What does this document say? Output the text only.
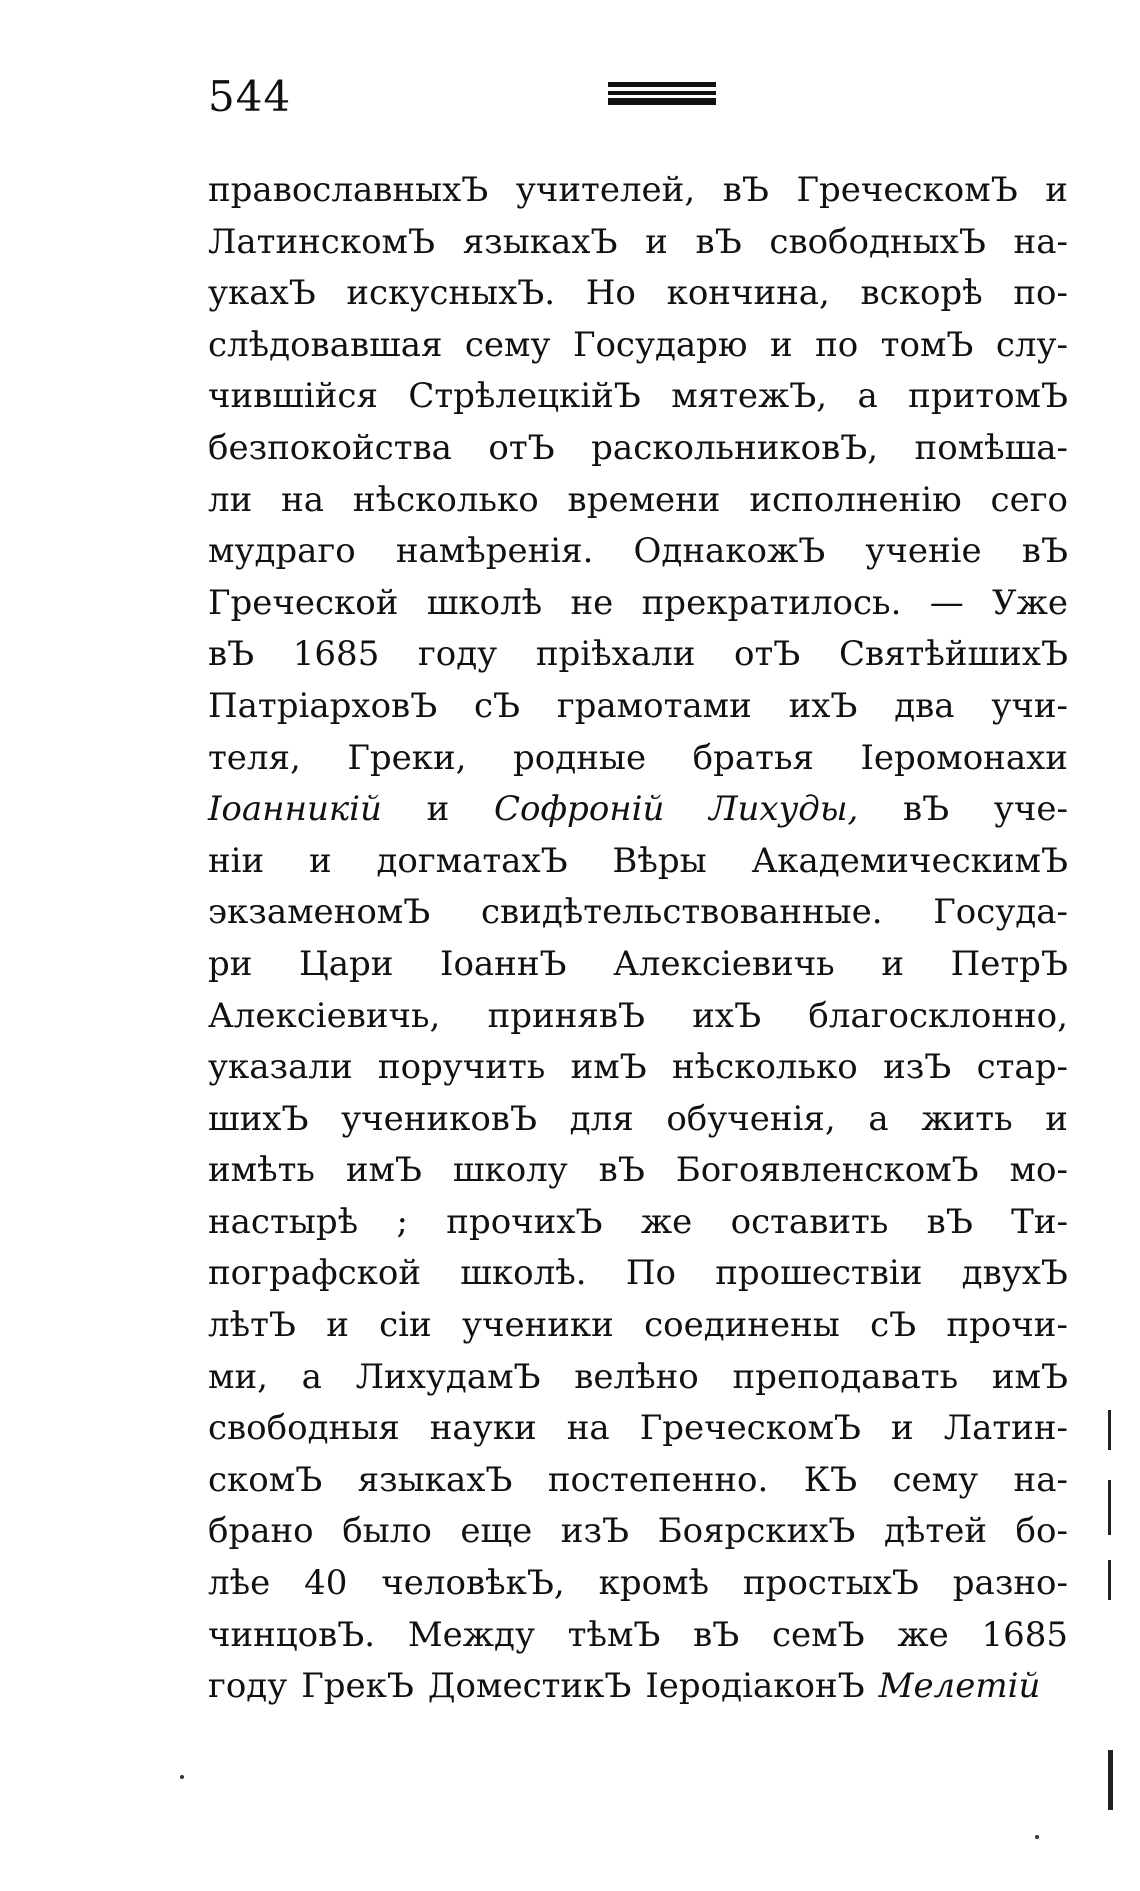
544
православныхЪ учителей, вЪ ГреческомЪ и
ЛатинскомЪ языкахЪ и вЪ свободныхЪ на-
укахЪ искусныхЪ. Но кончина, вскорѣ по-
слѣдовавшая сему Государю и по томЪ слу-
чившійся СтрѣлецкійЪ мятежЪ, а притомЪ
безпокойства отЪ раскольниковЪ, помѣша-
ли на нѣсколько времени исполненію сего
мудраго намѣренія. ОднакожЪ ученіе вЪ
Греческой школѣ не прекратилось. — Уже
вЪ 1685 году пріѣхали отЪ СвятѣйшихЪ
ПатріарховЪ сЪ грамотами ихЪ два учи-
теля, Греки, родные братья Іеромонахи
Іоанникій и Софроній Лихуды, вЪ уче-
ніи и догматахЪ Вѣры АкадемическимЪ
экзаменомЪ свидѣтельствованные. Госуда-
ри Цари ІоаннЪ Алексіевичь и ПетрЪ
Алексіевичь, принявЪ ихЪ благосклонно,
указали поручить имЪ нѣсколько изЪ стар-
шихЪ учениковЪ для обученія, а жить и
имѣть имЪ школу вЪ БогоявленскомЪ мо-
настырѣ ; прочихЪ же оставить вЪ Ти-
пографской школѣ. По прошествіи двухЪ
лѣтЪ и сіи ученики соединены сЪ прочи-
ми, а ЛихудамЪ велѣно преподавать имЪ
свободныя науки на ГреческомЪ и Латин-
скомЪ языкахЪ постепенно. КЪ сему на-
брано было еще изЪ БоярскихЪ дѣтей бо-
лѣе 40 человѣкЪ, кромѣ простыхЪ разно-
чинцовЪ. Между тѣмЪ вЪ семЪ же 1685
году ГрекЪ ДоместикЪ ІеродіаконЪ Мелетій
